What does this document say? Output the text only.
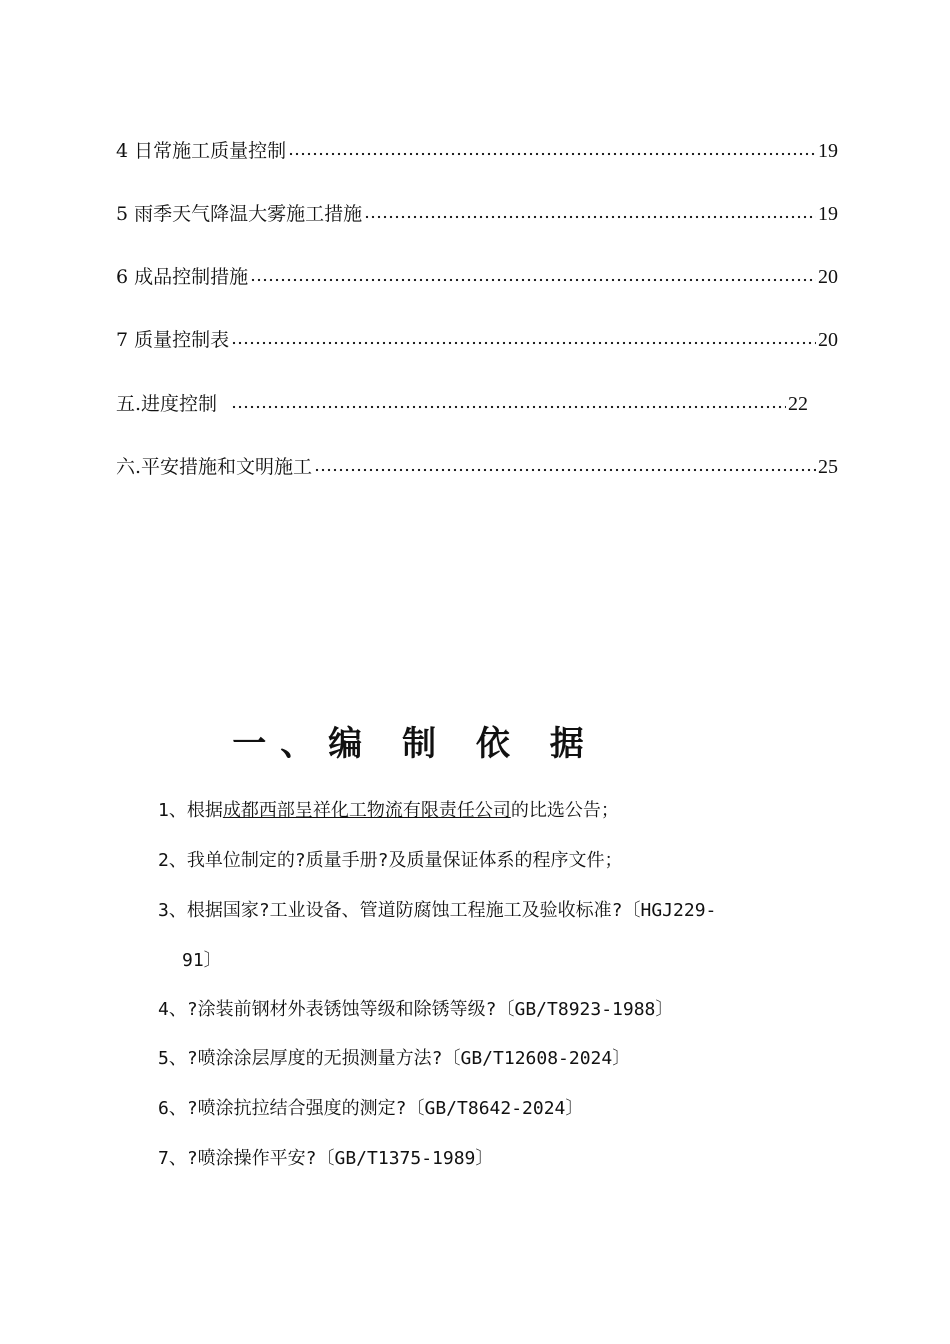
4 日常施工质量控制	19
5 雨季天气降温大雾施工措施	19
6 成品控制措施	20
7 质量控制表	20
五.进度控制	22
六.平安措施和文明施工	25
一、编 制 依 据
1、根据成都西部呈祥化工物流有限责任公司的比选公告；
2、我单位制定的?质量手册?及质量保证体系的程序文件；
3、根据国家?工业设备、管道防腐蚀工程施工及验收标准?〔HGJ229-
91〕
4、?涂装前钢材外表锈蚀等级和除锈等级?〔GB/T8923-1988〕
5、?喷涂涂层厚度的无损测量方法?〔GB/T12608-2024〕
6、?喷涂抗拉结合强度的测定?〔GB/T8642-2024〕
7、?喷涂操作平安?〔GB/T1375-1989〕
